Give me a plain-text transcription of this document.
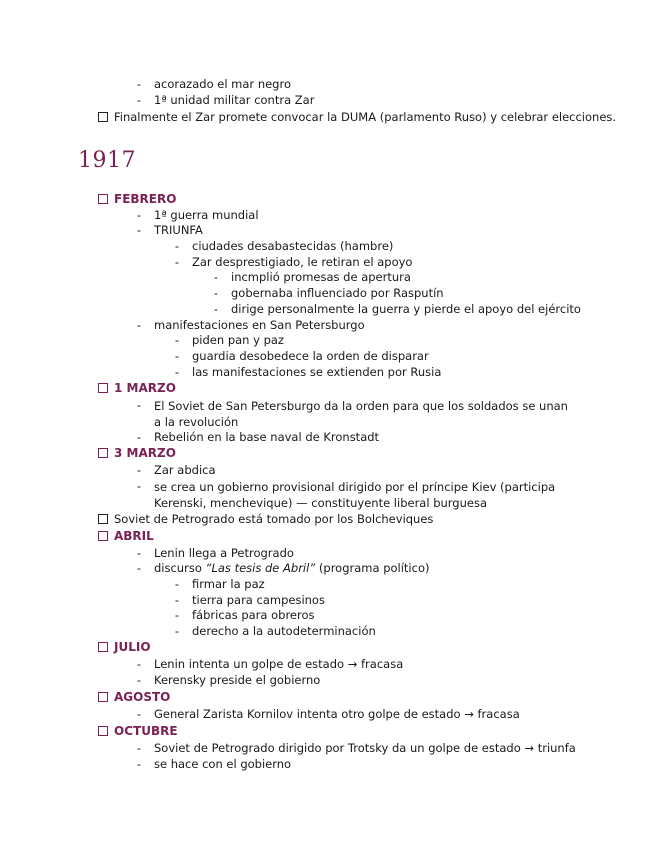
- acorazado el mar negro
- 1ª unidad militar contra Zar
Finalmente el Zar promete convocar la DUMA (parlamento Ruso) y celebrar elecciones.
1917
FEBRERO
- 1ª guerra mundial
- TRIUNFA
- ciudades desabastecidas (hambre)
- Zar desprestigiado, le retiran el apoyo
- incmplió promesas de apertura
- gobernaba influenciado por Rasputín
- dirige personalmente la guerra y pierde el apoyo del ejército
- manifestaciones en San Petersburgo
- piden pan y paz
- guardia desobedece la orden de disparar
- las manifestaciones se extienden por Rusia
1 MARZO
- El Soviet de San Petersburgo da la orden para que los soldados se unan a la revolución
- Rebelión en la base naval de Kronstadt
3 MARZO
- Zar abdica
- se crea un gobierno provisional dirigido por el príncipe Kiev (participa Kerenski, menchevique) — constituyente liberal burguesa
Soviet de Petrogrado está tomado por los Bolcheviques
ABRIL
- Lenin llega a Petrogrado
- discurso “Las tesis de Abril” (programa político)
- firmar la paz
- tierra para campesinos
- fábricas para obreros
- derecho a la autodeterminación
JULIO
- Lenin intenta un golpe de estado → fracasa
- Kerensky preside el gobierno
AGOSTO
- General Zarista Kornilov intenta otro golpe de estado → fracasa
OCTUBRE
- Soviet de Petrogrado dirigido por Trotsky da un golpe de estado → triunfa
- se hace con el gobierno
